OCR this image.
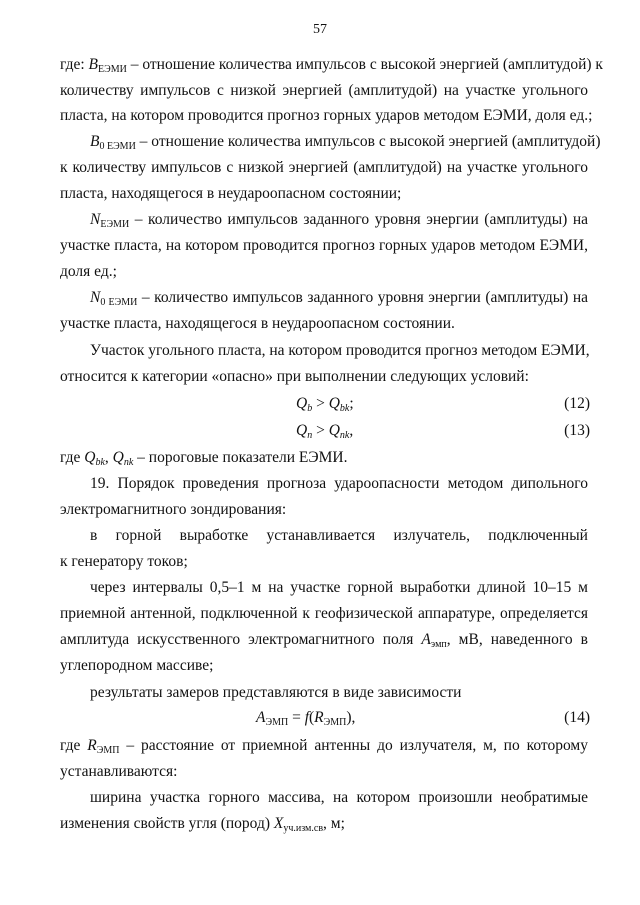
57
где: $B_{ЕЭМИ}$ – отношение количества импульсов с высокой энергией (амплитудой) к
количеству импульсов с низкой энергией (амплитудой) на участке угольного
пласта, на котором проводится прогноз горных ударов методом ЕЭМИ, доля ед.;
$B_{0 ЕЭМИ}$ – отношение количества импульсов с высокой энергией (амплитудой)
к количеству импульсов с низкой энергией (амплитудой) на участке угольного
пласта, находящегося в неудароопасном состоянии;
$N_{ЕЭМИ}$ – количество импульсов заданного уровня энергии (амплитуды) на
участке пласта, на котором проводится прогноз горных ударов методом ЕЭМИ,
доля ед.;
$N_{0 ЕЭМИ}$ – количество импульсов заданного уровня энергии (амплитуды) на
участке пласта, находящегося в неудароопасном состоянии.
Участок угольного пласта, на котором проводится прогноз методом ЕЭМИ,
относится к категории «опасно» при выполнении следующих условий:
$Q_b > Q_{bk}$;	(12)
$Q_n > Q_{nk}$,	(13)
где $Q_{bk}$, $Q_{nk}$ – пороговые показатели ЕЭМИ.
19. Порядок проведения прогноза удароопасности методом дипольного
электромагнитного зондирования:
в горной выработке устанавливается излучатель, подключенный
к генератору токов;
через интервалы 0,5–1 м на участке горной выработки длиной 10–15 м
приемной антенной, подключенной к геофизической аппаратуре, определяется
амплитуда искусственного электромагнитного поля $A_{эмп}$, мВ, наведенного в
углепородном массиве;
результаты замеров представляются в виде зависимости
$A_{ЭМП} = f(R_{ЭМП})$,	(14)
где $R_{ЭМП}$ – расстояние от приемной антенны до излучателя, м, по которому
устанавливаются:
ширина участка горного массива, на котором произошли необратимые
изменения свойств угля (пород) $X_{уч.изм.св}$, м;
